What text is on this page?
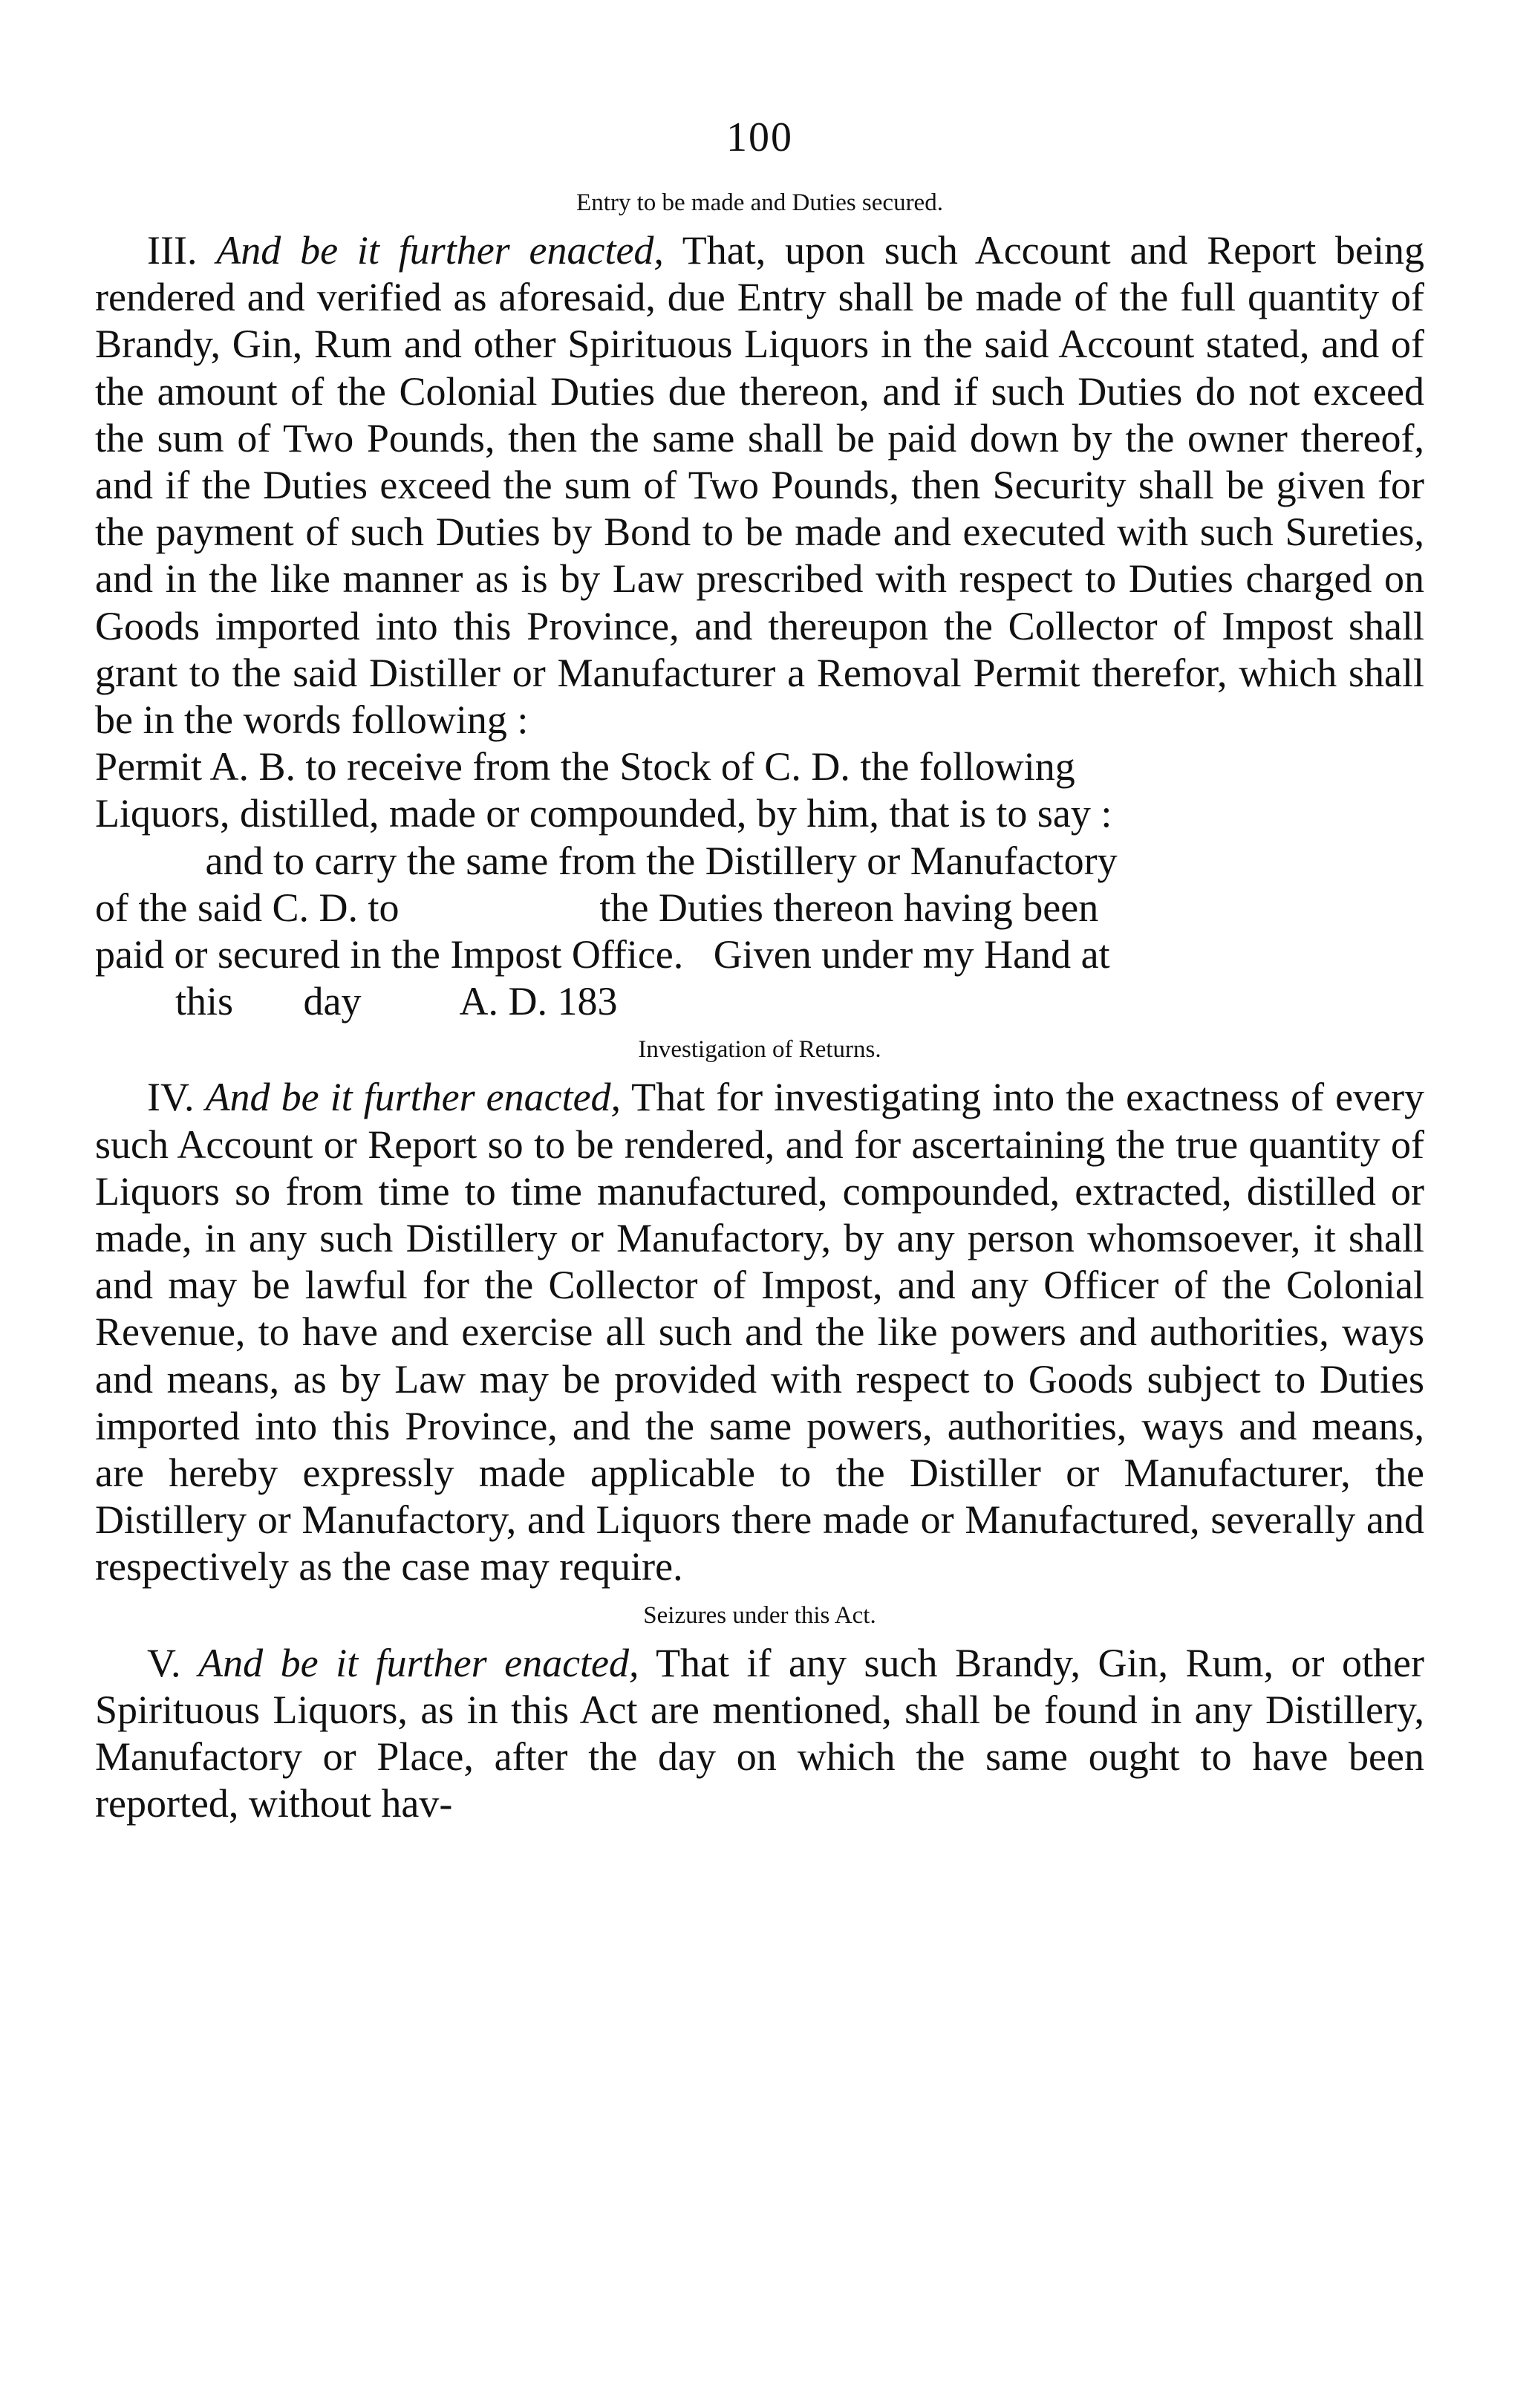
100
Entry to be made and Duties secured.

III. And be it further enacted, That, upon such Account and Report being rendered and verified as aforesaid, due Entry shall be made of the full quantity of Brandy, Gin, Rum and other Spirituous Liquors in the said Account stated, and of the amount of the Colonial Duties due thereon, and if such Duties do not exceed the sum of Two Pounds, then the same shall be paid down by the owner thereof, and if the Duties exceed the sum of Two Pounds, then Security shall be given for the payment of such Duties by Bond to be made and executed with such Sureties, and in the like manner as is by Law prescribed with respect to Duties charged on Goods imported into this Province, and thereupon the Collector of Impost shall grant to the said Distiller or Manufacturer a Removal Permit therefor, which shall be in the words following :

Permit A. B. to receive from the Stock of C. D. the following
Liquors, distilled, made or compounded, by him, that is to say :
and to carry the same from the Distillery or Manufactory
of the said C. D. to                    the Duties thereon having been
paid or secured in the Impost Office.   Given under my Hand at
this       day          A. D. 183
Investigation of Returns.

IV. And be it further enacted, That for investigating into the exactness of every such Account or Report so to be rendered, and for ascertaining the true quantity of Liquors so from time to time manufactured, compounded, extracted, distilled or made, in any such Distillery or Manufactory, by any person whomsoever, it shall and may be lawful for the Collector of Impost, and any Officer of the Colonial Revenue, to have and exercise all such and the like powers and authorities, ways and means, as by Law may be provided with respect to Goods subject to Duties imported into this Province, and the same powers, authorities, ways and means, are hereby expressly made applicable to the Distiller or Manufacturer, the Distillery or Manufactory, and Liquors there made or Manufactured, severally and respectively as the case may require.

Seizures under this Act.

V. And be it further enacted, That if any such Brandy, Gin, Rum, or other Spirituous Liquors, as in this Act are mentioned, shall be found in any Distillery, Manufactory or Place, after the day on which the same ought to have been reported, without hav-
